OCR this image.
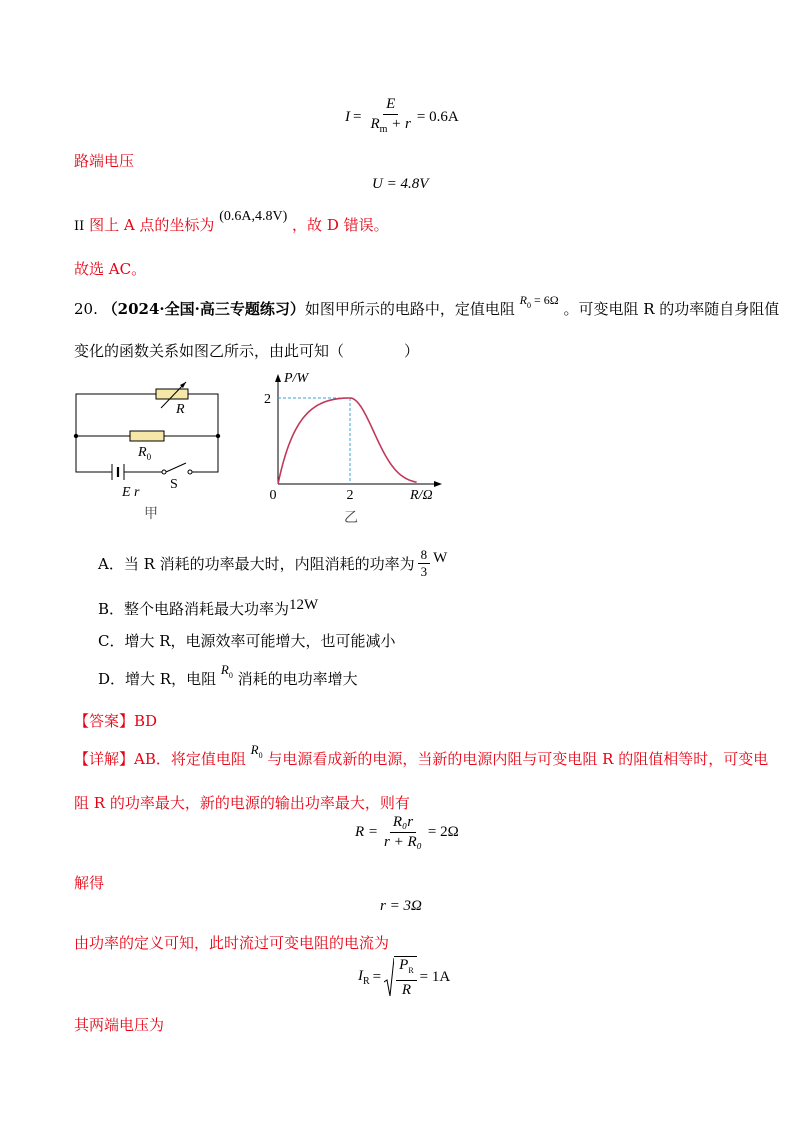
$I = \frac{E}{R_m + r} = 0.6A$
路端电压
U = 4.8V
II 图上 A 点的坐标为 (0.6A,4.8V) ，故 D 错误。
故选 AC。
20. （2024·全国·高三专题练习）如图甲所示的电路中，定值电阻 $^{R_0 = 6\Omega}$ 。可变电阻 R 的功率随自身阻值
变化的函数关系如图乙所示，由此可知（　　　　）
R
$R_0$
E r
S
甲
P/W
R/Ω
0	2
2
乙
A．当 R 消耗的功率最大时，内阻消耗的功率为 $\frac{8}{3}$ W
B．整个电路消耗最大功率为12W
C．增大 R，电源效率可能增大，也可能减小
D．增大 R，电阻 $R_0$ 消耗的电功率增大
【答案】BD
【详解】AB．将定值电阻 $R_0$ 与电源看成新的电源，当新的电源内阻与可变电阻 R 的阻值相等时，可变电
阻 R 的功率最大，新的电源的输出功率最大，则有
$R = \frac{\text{R₀r}}{\text{r + R₀}} = 2\Omega$
解得
r = 3Ω
由功率的定义可知，此时流过可变电阻的电流为
$I_R = \frac{P_R}{R} = 1A$
其两端电压为
